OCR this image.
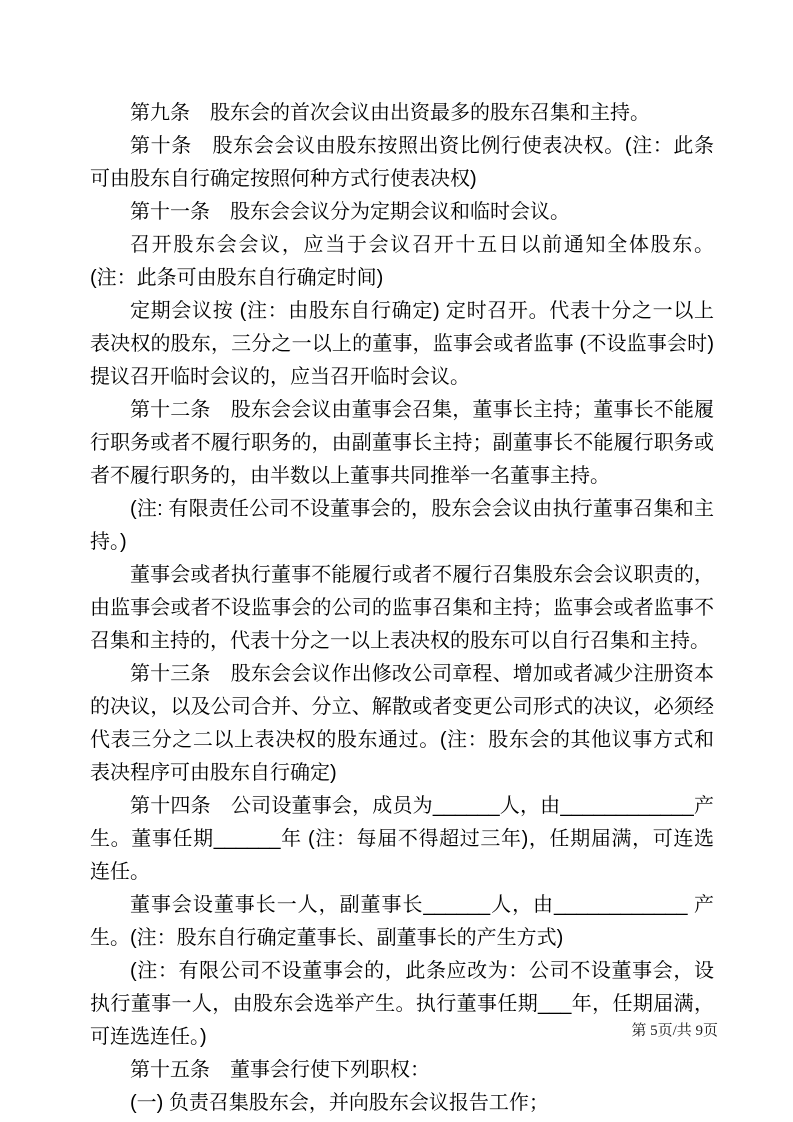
第九条　股东会的首次会议由出资最多的股东召集和主持。

第十条　股东会会议由股东按照出资比例行使表决权。(注：此条可由股东自行确定按照何种方式行使表决权)

第十一条　股东会会议分为定期会议和临时会议。

召开股东会会议，应当于会议召开十五日以前通知全体股东。(注：此条可由股东自行确定时间)

定期会议按 (注：由股东自行确定) 定时召开。代表十分之一以上表决权的股东，三分之一以上的董事，监事会或者监事 (不设监事会时) 提议召开临时会议的，应当召开临时会议。

第十二条　股东会会议由董事会召集，董事长主持；董事长不能履行职务或者不履行职务的，由副董事长主持；副董事长不能履行职务或者不履行职务的，由半数以上董事共同推举一名董事主持。

(注: 有限责任公司不设董事会的，股东会会议由执行董事召集和主持。)

董事会或者执行董事不能履行或者不履行召集股东会会议职责的，由监事会或者不设监事会的公司的监事召集和主持；监事会或者监事不召集和主持的，代表十分之一以上表决权的股东可以自行召集和主持。

第十三条　股东会会议作出修改公司章程、增加或者减少注册资本的决议，以及公司合并、分立、解散或者变更公司形式的决议，必须经代表三分之二以上表决权的股东通过。(注：股东会的其他议事方式和表决程序可由股东自行确定)

第十四条　公司设董事会，成员为______人，由____________产生。董事任期______年 (注：每届不得超过三年)，任期届满，可连选连任。

董事会设董事长一人，副董事长______人，由____________ 产生。(注：股东自行确定董事长、副董事长的产生方式)

(注：有限公司不设董事会的，此条应改为：公司不设董事会，设执行董事一人，由股东会选举产生。执行董事任期___年，任期届满，可连选连任。)

第十五条　董事会行使下列职权：

(一) 负责召集股东会，并向股东会议报告工作；

第 5页/共 9页
